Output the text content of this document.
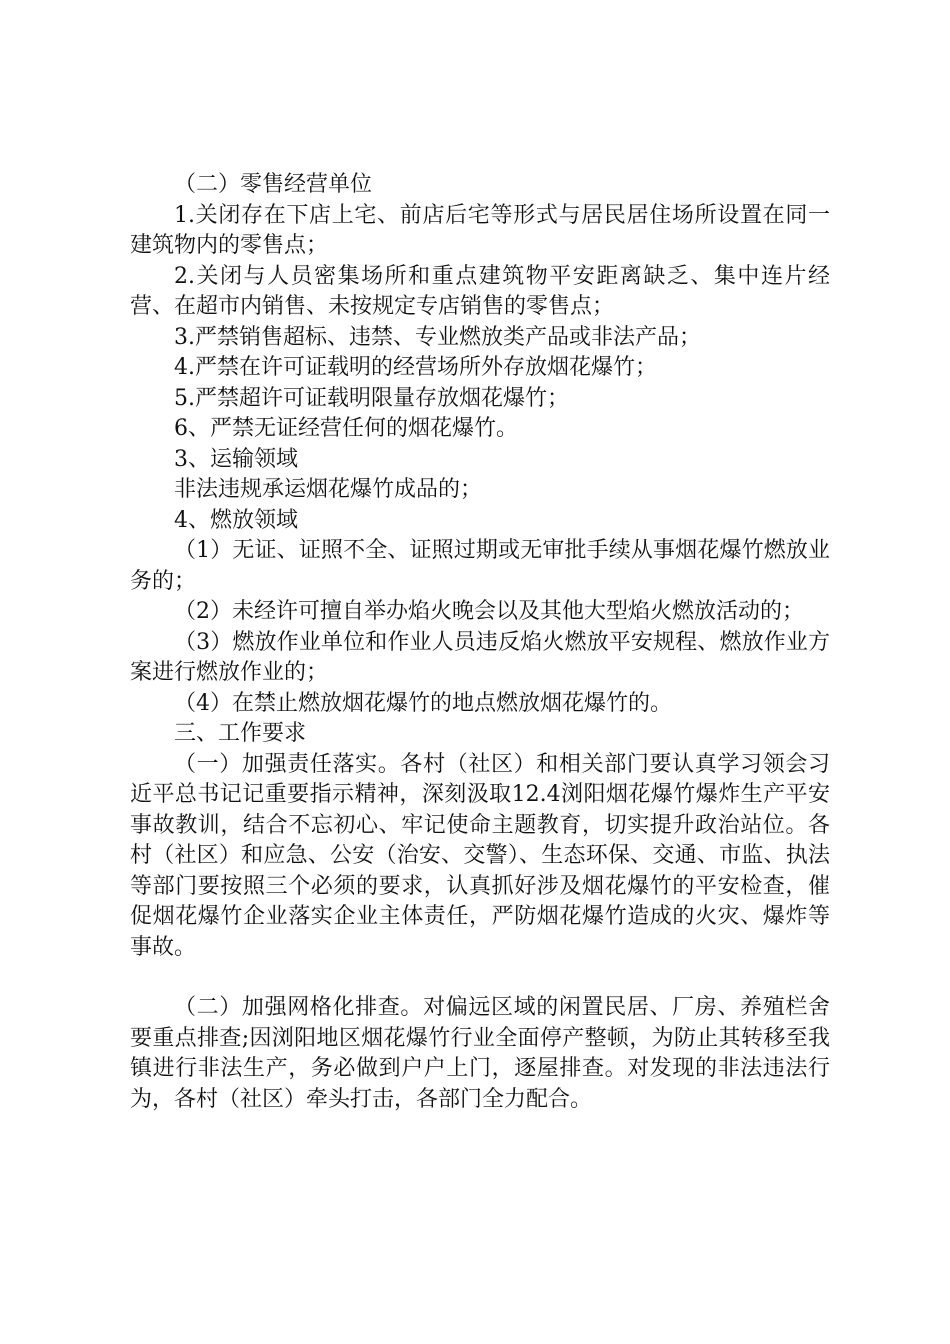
（二）零售经营单位

1.关闭存在下店上宅、前店后宅等形式与居民居住场所设置在同一建筑物内的零售点；

2.关闭与人员密集场所和重点建筑物平安距离缺乏、集中连片经营、在超市内销售、未按规定专店销售的零售点；

3.严禁销售超标、违禁、专业燃放类产品或非法产品；

4.严禁在许可证载明的经营场所外存放烟花爆竹；

5.严禁超许可证载明限量存放烟花爆竹；

6、严禁无证经营任何的烟花爆竹。

3、运输领域

非法违规承运烟花爆竹成品的；

4、燃放领域

（1）无证、证照不全、证照过期或无审批手续从事烟花爆竹燃放业务的；

（2）未经许可擅自举办焰火晚会以及其他大型焰火燃放活动的；

（3）燃放作业单位和作业人员违反焰火燃放平安规程、燃放作业方案进行燃放作业的；

（4）在禁止燃放烟花爆竹的地点燃放烟花爆竹的。

三、工作要求

（一）加强责任落实。各村（社区）和相关部门要认真学习领会习近平总书记记重要指示精神，深刻汲取12.4浏阳烟花爆竹爆炸生产平安事故教训，结合不忘初心、牢记使命主题教育，切实提升政治站位。各村（社区）和应急、公安（治安、交警）、生态环保、交通、市监、执法等部门要按照三个必须的要求，认真抓好涉及烟花爆竹的平安检查，催促烟花爆竹企业落实企业主体责任，严防烟花爆竹造成的火灾、爆炸等事故。

（二）加强网格化排查。对偏远区域的闲置民居、厂房、养殖栏舍要重点排查;因浏阳地区烟花爆竹行业全面停产整顿，为防止其转移至我镇进行非法生产，务必做到户户上门，逐屋排查。对发现的非法违法行为，各村（社区）牵头打击，各部门全力配合。
